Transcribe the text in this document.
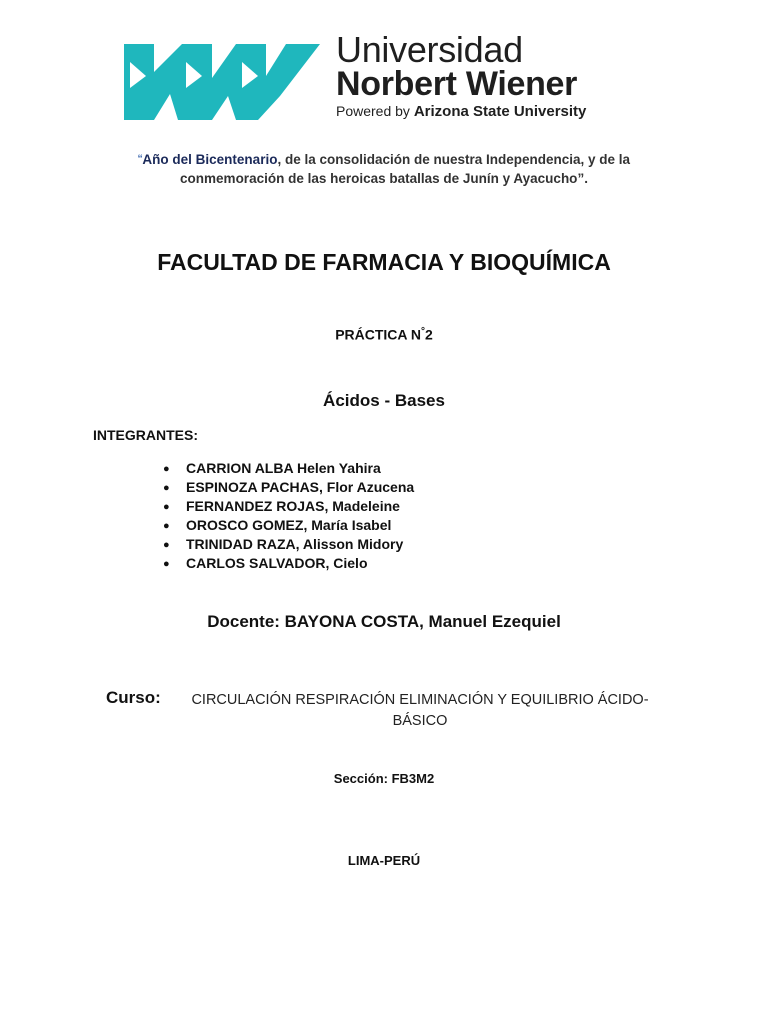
Universidad
Norbert Wiener
Powered by Arizona State University
“Año del Bicentenario, de la consolidación de nuestra Independencia, y de la conmemoración de las heroicas batallas de Junín y Ayacucho”.
FACULTAD DE FARMACIA Y BIOQUÍMICA
PRÁCTICA N°2
Ácidos - Bases
INTEGRANTES:
● CARRION ALBA Helen Yahira
● ESPINOZA PACHAS, Flor Azucena
● FERNANDEZ ROJAS, Madeleine
● OROSCO GOMEZ, María Isabel
● TRINIDAD RAZA, Alisson Midory
● CARLOS SALVADOR, Cielo
Docente: BAYONA COSTA, Manuel Ezequiel
Curso:	CIRCULACIÓN RESPIRACIÓN ELIMINACIÓN Y EQUILIBRIO ÁCIDO-BÁSICO
Sección: FB3M2
LIMA-PERÚ
